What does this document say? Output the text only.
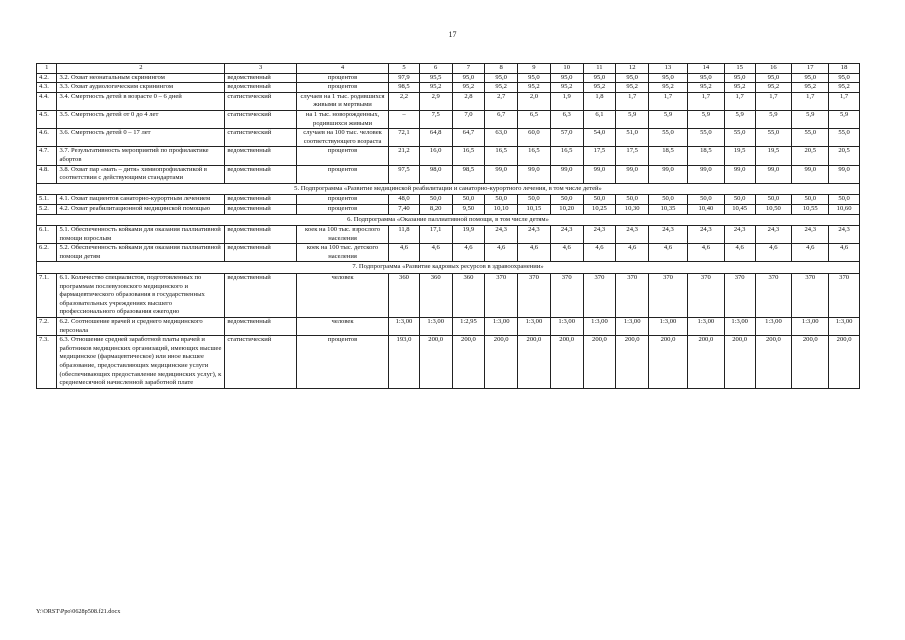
17
1	2	3	4	5	6	7	8	9	10	11	12	13	14	15	16	17	18
4.2.	3.2. Охват неонатальным скринингом	ведомственный	процентов	97,9	95,5	95,0	95,0	95,0	95,0	95,0	95,0	95,0	95,0	95,0	95,0	95,0	95,0
4.3.	3.3. Охват аудиологическим скринингом	ведомственный	процентов	98,5	95,2	95,2	95,2	95,2	95,2	95,2	95,2	95,2	95,2	95,2	95,2	95,2	95,2
4.4.	3.4. Смертность детей в возрасте 0 – 6 дней	статистический	случаев на 1 тыс. родившихся живыми и мертвыми	2,2	2,9	2,8	2,7	2,0	1,9	1,8	1,7	1,7	1,7	1,7	1,7	1,7	1,7
4.5.	3.5. Смертность детей от 0 до 4 лет	статистический	на 1 тыс. новорожденных, родившихся живыми	–	7,5	7,0	6,7	6,5	6,3	6,1	5,9	5,9	5,9	5,9	5,9	5,9	5,9
4.6.	3.6. Смертность детей 0 – 17 лет	статистический	случаев на 100 тыс. человек соответствующего возраста	72,1	64,8	64,7	63,0	60,0	57,0	54,0	51,0	55,0	55,0	55,0	55,0	55,0	55,0
4.7.	3.7. Результативность мероприятий по профилактике абортов	ведомственный	процентов	21,2	16,0	16,5	16,5	16,5	16,5	17,5	17,5	18,5	18,5	19,5	19,5	20,5	20,5
4.8.	3.8. Охват пар «мать – дитя» химиопрофилактикой в соответствии с действующими стандартами	ведомственный	процентов	97,5	98,0	98,5	99,0	99,0	99,0	99,0	99,0	99,0	99,0	99,0	99,0	99,0	99,0
5. Подпрограмма «Развитие медицинской реабилитации и санаторно-курортного лечения, в том числе детей»																	
5.1.	4.1. Охват пациентов санаторно-курортным лечением	ведомственный	процентов	48,0	50,0	50,0	50,0	50,0	50,0	50,0	50,0	50,0	50,0	50,0	50,0	50,0	50,0
5.2.	4.2. Охват реабилитационной медицинской помощью	ведомственный	процентов	7,40	8,20	9,50	10,10	10,15	10,20	10,25	10,30	10,35	10,40	10,45	10,50	10,55	10,60
6. Подпрограмма «Оказание паллиативной помощи, в том числе детям»																	
6.1.	5.1. Обеспеченность койками для оказания паллиативной помощи взрослым	ведомственный	коек на 100 тыс. взрослого населения	11,8	17,1	19,9	24,3	24,3	24,3	24,3	24,3	24,3	24,3	24,3	24,3	24,3	24,3
6.2.	5.2. Обеспеченность койками для оказания паллиативной помощи детям	ведомственный	коек на 100 тыс. детского населения	4,6	4,6	4,6	4,6	4,6	4,6	4,6	4,6	4,6	4,6	4,6	4,6	4,6	4,6
7. Подпрограмма «Развитие кадровых ресурсов в здравоохранении»																	
7.1.	6.1. Количество специалистов, подготовленных по программам послевузовского медицинского и фармацевтического образования в государственных образовательных учреждениях высшего профессионального образования ежегодно	ведомственный	человек	360	360	360	370	370	370	370	370	370	370	370	370	370	370
7.2.	6.2. Соотношение врачей и среднего медицинского персонала	ведомственный	человек	1:3,00	1:3,00	1:2,95	1:3,00	1:3,00	1:3,00	1:3,00	1:3,00	1:3,00	1:3,00	1:3,00	1:3,00	1:3,00	1:3,00
7.3.	6.3. Отношение средней заработной платы врачей и работников медицинских организаций, имеющих высшее медицинское (фармацевтическое) или иное высшее образование, предоставляющих медицинские услуги (обеспечивающих предоставление медицинских услуг), к среднемесячной начисленной заработной плате	статистический	процентов	193,0	200,0	200,0	200,0	200,0	200,0	200,0	200,0	200,0	200,0	200,0	200,0	200,0	200,0
Y:\ORST\Ppo\0628p508.f21.docx
